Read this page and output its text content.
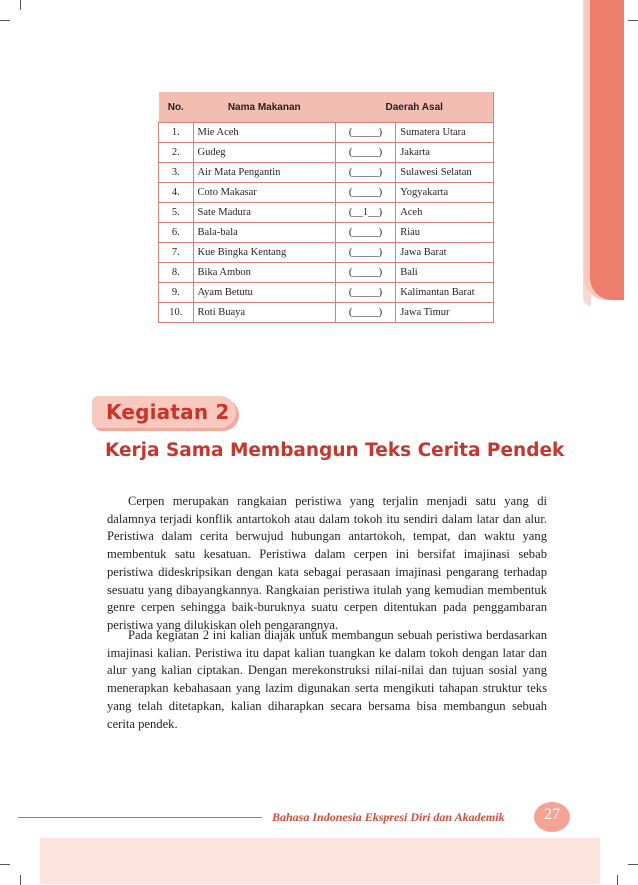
No.	Nama Makanan	Daerah Asal	
1.	Mie Aceh	(_____)	Sumatera Utara
2.	Gudeg	(_____)	Jakarta
3.	Air Mata Pengantin	(_____)	Sulawesi Selatan
4.	Coto Makasar	(_____)	Yogyakarta
5.	Sate Madura	(__1__)	Aceh
6.	Bala-bala	(_____)	Riau
7.	Kue Bingka Kentang	(_____)	Jawa Barat
8.	Bika Ambon	(_____)	Bali
9.	Ayam Betutu	(_____)	Kalimantan Barat
10.	Roti Buaya	(_____)	Jawa Timur
Kegiatan 2
Kerja Sama Membangun Teks Cerita Pendek

Cerpen merupakan rangkaian peristiwa yang terjalin menjadi satu yang di dalamnya terjadi konflik antartokoh atau dalam tokoh itu sendiri dalam latar dan alur. Peristiwa dalam cerita berwujud hubungan antartokoh, tempat, dan waktu yang membentuk satu kesatuan. Peristiwa dalam cerpen ini bersifat imajinasi sebab peristiwa dideskripsikan dengan kata sebagai perasaan imajinasi pengarang terhadap sesuatu yang dibayangkannya. Rangkaian peristiwa itulah yang kemudian membentuk genre cerpen sehingga baik-buruknya suatu cerpen ditentukan pada penggambaran peristiwa yang dilukiskan oleh pengarangnya.

Pada kegiatan 2 ini kalian diajak untuk membangun sebuah peristiwa berdasarkan imajinasi kalian. Peristiwa itu dapat kalian tuangkan ke dalam tokoh dengan latar dan alur yang kalian ciptakan. Dengan merekonstruksi nilai-nilai dan tujuan sosial yang menerapkan kebahasaan yang lazim digunakan serta mengikuti tahapan struktur teks yang telah ditetapkan, kalian diharapkan secara bersama bisa membangun sebuah cerita pendek.

Bahasa Indonesia Ekspresi Diri dan Akademik	27
